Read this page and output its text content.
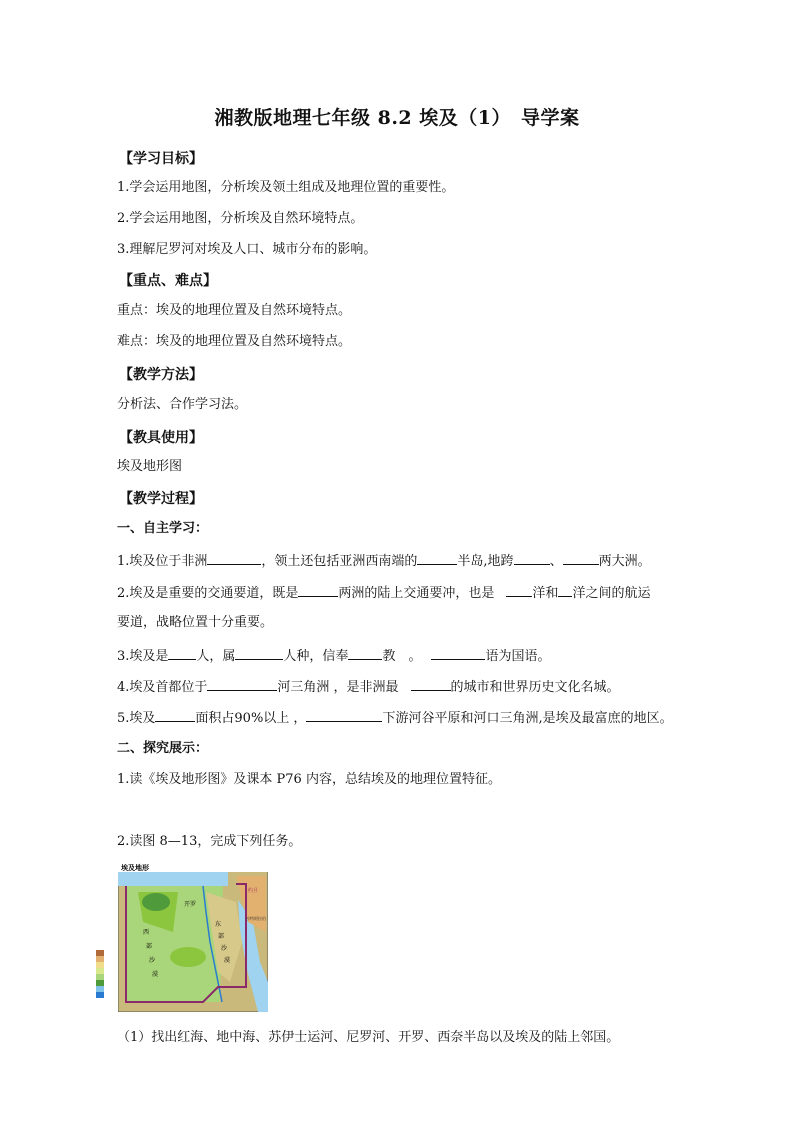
湘教版地理七年级 8.2 埃及（1）　导学案
【学习目标】
1.学会运用地图，分析埃及领土组成及地理位置的重要性。
2.学会运用地图，分析埃及自然环境特点。
3.理解尼罗河对埃及人口、城市分布的影响。
【重点、难点】
重点：埃及的地理位置及自然环境特点。
难点：埃及的地理位置及自然环境特点。
【教学方法】
分析法、合作学习法。
【教具使用】
埃及地形图
【教学过程】
一、自主学习：
1.埃及位于非洲	，领土还包括亚洲西南端的	半岛,地跨	、	两大洲。
2.埃及是重要的交通要道，既是	两洲的陆上交通要冲，也是	洋和 洋之间的航运
要道，战略位置十分重要。
3.埃及是 人，属	人种，信奉	教　。	语为国语。
4.埃及首都位于	河三角洲 ，是非洲最	的城市和世界历史文化名城。
5.埃及	面积占90%以上 ，	下游河谷平原和河口三角洲,是埃及最富庶的地区。
二、探究展示：
1.读《埃及地形图》及课本 P76 内容，总结埃及的地理位置特征。
2.读图 8—13，完成下列任务。
埃及地形
开罗
西
部
沙
漠
东
部
沙
漠
约旦
沙特阿拉伯
（1）找出红海、地中海、苏伊士运河、尼罗河、开罗、西奈半岛以及埃及的陆上邻国。
